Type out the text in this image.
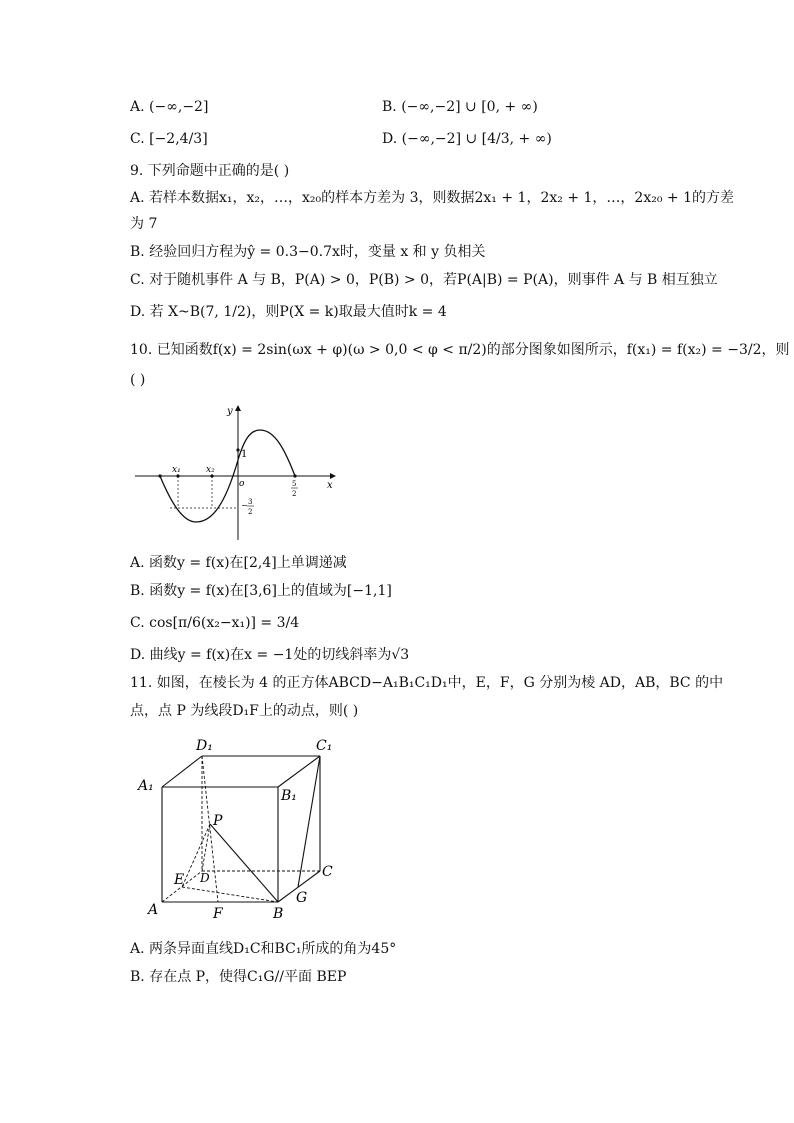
A. (−∞,−2]	B. (−∞,−2] ∪ [0, + ∞)
C. [−2,4/3]	D. (−∞,−2] ∪ [4/3, + ∞)
9. 下列命题中正确的是( )
A. 若样本数据x₁，x₂，…，x₂₀的样本方差为 3，则数据2x₁ + 1，2x₂ + 1，…，2x₂₀ + 1的方差
为 7
B. 经验回归方程为ŷ = 0.3−0.7x时，变量 x 和 y 负相关
C. 对于随机事件 A 与 B，P(A) > 0，P(B) > 0，若P(A|B) = P(A)，则事件 A 与 B 相互独立
D. 若 X~B(7, 1/2)，则P(X = k)取最大值时k = 4
10. 已知函数f(x) = 2sin(ωx + φ)(ω > 0,0 < φ < π/2)的部分图象如图所示，f(x₁) = f(x₂) = −3/2，则
( )
y
x
o
x₁	x₂
1
− 3
2
5
2
A. 函数y = f(x)在[2,4]上单调递减
B. 函数y = f(x)在[3,6]上的值域为[−1,1]
C. cos[π/6(x₂−x₁)] = 3/4
D. 曲线y = f(x)在x = −1处的切线斜率为√3
11. 如图，在棱长为 4 的正方体ABCD−A₁B₁C₁D₁中，E，F，G 分别为棱 AD，AB，BC 的中
点，点 P 为线段D₁F上的动点，则( )
D₁	C₁
A₁
B₁
P
E D	C
A	F	B
G
A. 两条异面直线D₁C和BC₁所成的角为45°
B. 存在点 P，使得C₁G//平面 BEP
